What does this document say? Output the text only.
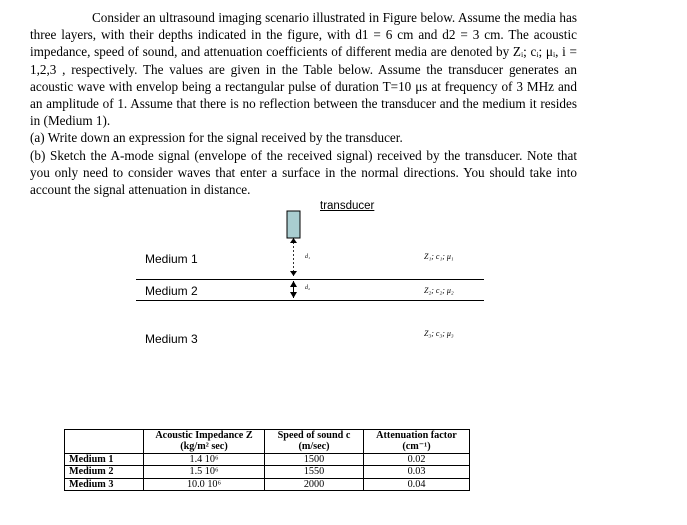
Consider an ultrasound imaging scenario illustrated in Figure below. Assume the media has three layers, with their depths indicated in the figure, with d1 = 6 cm and d2 = 3 cm. The acoustic impedance, speed of sound, and attenuation coefficients of different media are denoted by Zᵢ; cᵢ; μᵢ, i = 1,2,3 , respectively. The values are given in the Table below. Assume the transducer generates an acoustic wave with envelop being a rectangular pulse of duration T=10 μs at frequency of 3 MHz and an amplitude of 1. Assume that there is no reflection between the transducer and the medium it resides in (Medium 1).

(a) Write down an expression for the signal received by the transducer.

(b) Sketch the A-mode signal (envelope of the received signal) received by the transducer. Note that you only need to consider waves that enter a surface in the normal directions. You should take into account the signal attenuation in distance.

transducer
Medium 1
Medium 2
Medium 3
d₁
d₂
Z₁; c₁; μ₁
Z₂; c₂; μ₂
Z₃; c₃; μ₃
	Acoustic Impedance Z (kg/m² sec)	Speed of sound c (m/sec)	Attenuation factor (cm⁻¹)
Medium 1	1.4 10⁶	1500	0.02
Medium 2	1.5 10⁶	1550	0.03
Medium 3	10.0 10⁶	2000	0.04
